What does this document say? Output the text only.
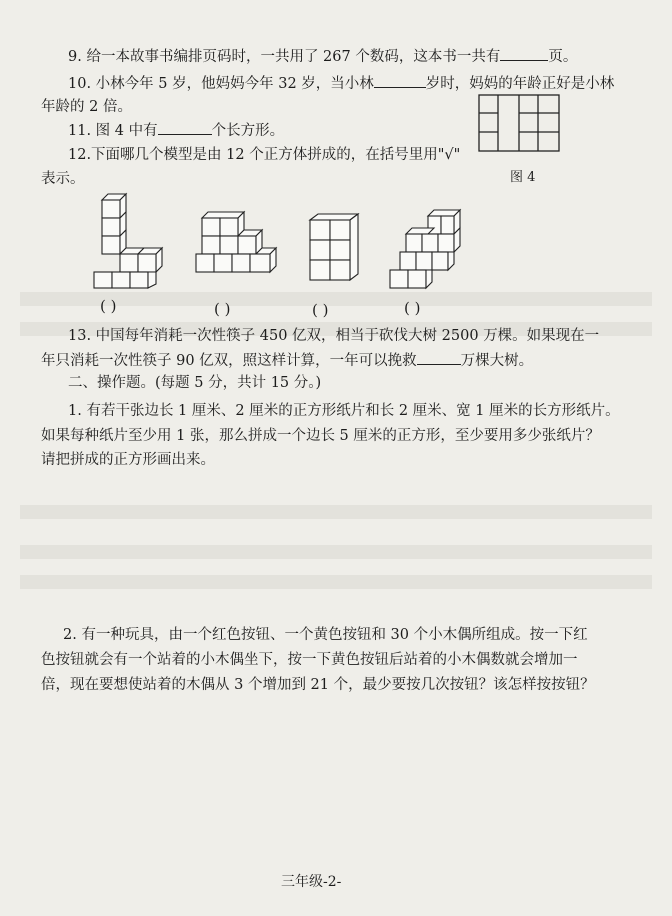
9. 给一本故事书编排页码时，一共用了 267 个数码，这本书一共有	页。
10. 小林今年 5 岁，他妈妈今年 32 岁，当小林	岁时，妈妈的年龄正好是小林
年龄的 2 倍。
11. 图 4 中有	个长方形。
12.下面哪几个模型是由 12 个正方体拼成的，在括号里用"√"
表示。	图 4
( )	( )	( )	( )
13. 中国每年消耗一次性筷子 450 亿双，相当于砍伐大树 2500 万棵。如果现在一
年只消耗一次性筷子 90 亿双，照这样计算，一年可以挽救	万棵大树。
二、操作题。(每题 5 分，共计 15 分。)
1. 有若干张边长 1 厘米、2 厘米的正方形纸片和长 2 厘米、宽 1 厘米的长方形纸片。
如果每种纸片至少用 1 张，那么拼成一个边长 5 厘米的正方形，至少要用多少张纸片？
请把拼成的正方形画出来。
2. 有一种玩具，由一个红色按钮、一个黄色按钮和 30 个小木偶所组成。按一下红
色按钮就会有一个站着的小木偶坐下，按一下黄色按钮后站着的小木偶数就会增加一
倍，现在要想使站着的木偶从 3 个增加到 21 个，最少要按几次按钮？该怎样按按钮？
三年级-2-
